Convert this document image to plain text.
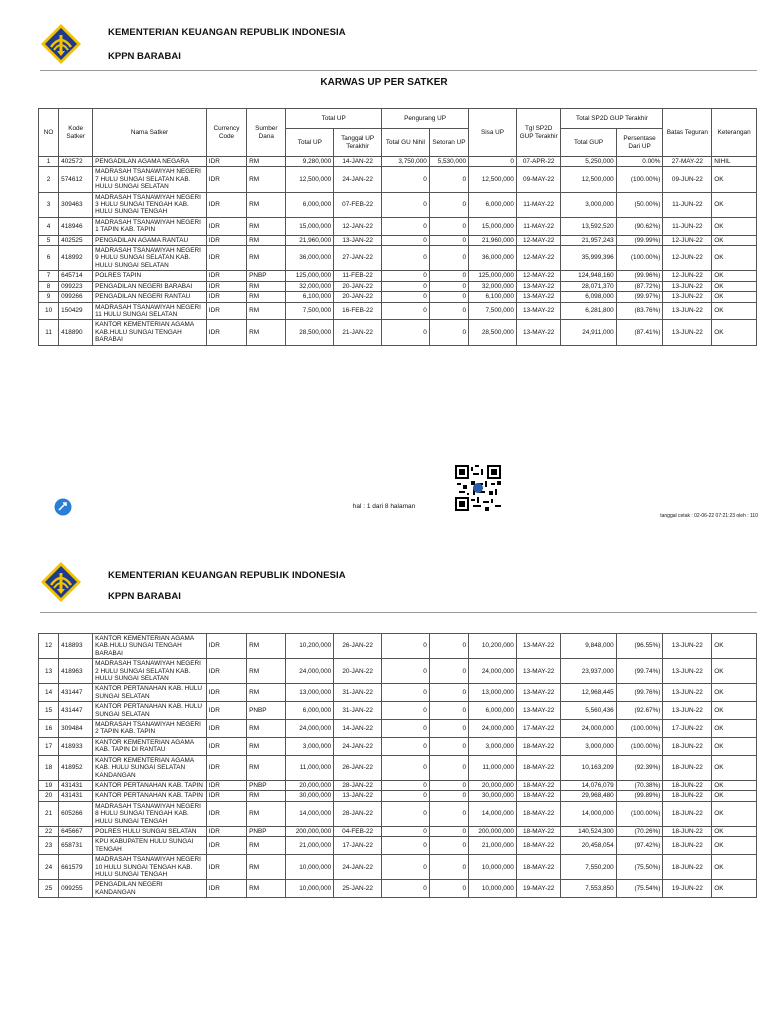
KEMENTERIAN KEUANGAN REPUBLIK INDONESIA
KPPN BARABAI
KARWAS UP PER SATKER
NO	Kode Satker	Nama Satker	Currency Code	Sumber Dana	Total UP		Pengurang UP		Sisa UP	Tgl SP2D GUP Terakhir	Total SP2D GUP Terakhir		Batas Teguran	Keterangan
					Total UP	Tanggal UP Terakhir	Total GU Nihil	Setoran UP			Total GUP	Persentase Dari UP		
1	402572	PENGADILAN AGAMA NEGARA	IDR	RM	9,280,000	14-JAN-22	3,750,000	5,530,000	0	07-APR-22	5,250,000	0.00%	27-MAY-22	NIHIL
2	574612	MADRASAH TSANAWIYAH NEGERI 7 HULU SUNGAI SELATAN KAB. HULU SUNGAI SELATAN	IDR	RM	12,500,000	24-JAN-22	0	0	12,500,000	09-MAY-22	12,500,000	(100.00%)	09-JUN-22	OK
3	309463	MADRASAH TSANAWIYAH NEGERI 3 HULU SUNGAI TENGAH KAB. HULU SUNGAI TENGAH	IDR	RM	6,000,000	07-FEB-22	0	0	6,000,000	11-MAY-22	3,000,000	(50.00%)	11-JUN-22	OK
4	418946	MADRASAH TSANAWIYAH NEGERI 1 TAPIN KAB. TAPIN	IDR	RM	15,000,000	12-JAN-22	0	0	15,000,000	11-MAY-22	13,592,520	(90.62%)	11-JUN-22	OK
5	402525	PENGADILAN AGAMA RANTAU	IDR	RM	21,960,000	13-JAN-22	0	0	21,960,000	12-MAY-22	21,957,243	(99.99%)	12-JUN-22	OK
6	418992	MADRASAH TSANAWIYAH NEGERI 9 HULU SUNGAI SELATAN KAB. HULU SUNGAI SELATAN	IDR	RM	36,000,000	27-JAN-22	0	0	36,000,000	12-MAY-22	35,999,396	(100.00%)	12-JUN-22	OK
7	645714	POLRES TAPIN	IDR	PNBP	125,000,000	11-FEB-22	0	0	125,000,000	12-MAY-22	124,948,160	(99.96%)	12-JUN-22	OK
8	099223	PENGADILAN NEGERI BARABAI	IDR	RM	32,000,000	20-JAN-22	0	0	32,000,000	13-MAY-22	28,071,370	(87.72%)	13-JUN-22	OK
9	099266	PENGADILAN NEGERI RANTAU	IDR	RM	6,100,000	20-JAN-22	0	0	6,100,000	13-MAY-22	6,098,000	(99.97%)	13-JUN-22	OK
10	150429	MADRASAH TSANAWIYAH NEGERI 11 HULU SUNGAI SELATAN	IDR	RM	7,500,000	16-FEB-22	0	0	7,500,000	13-MAY-22	6,281,800	(83.76%)	13-JUN-22	OK
11	418890	KANTOR KEMENTERIAN AGAMA KAB.HULU SUNGAI TENGAH BARABAI	IDR	RM	28,500,000	21-JAN-22	0	0	28,500,000	13-MAY-22	24,911,000	(87.41%)	13-JUN-22	OK
hal : 1 dari 8 halaman
tanggal cetak : 02-06-22 07:21:23 oleh : 110
KEMENTERIAN KEUANGAN REPUBLIK INDONESIA
KPPN BARABAI
12	418893	KANTOR KEMENTERIAN AGAMA KAB.HULU SUNGAI TENGAH BARABAI	IDR	RM	10,200,000	26-JAN-22	0	0	10,200,000	13-MAY-22	9,848,000	(96.55%)	13-JUN-22	OK
13	418963	MADRASAH TSANAWIYAH NEGERI 2 HULU SUNGAI SELATAN KAB. HULU SUNGAI SELATAN	IDR	RM	24,000,000	20-JAN-22	0	0	24,000,000	13-MAY-22	23,937,000	(99.74%)	13-JUN-22	OK
14	431447	KANTOR PERTANAHAN KAB. HULU SUNGAI SELATAN	IDR	RM	13,000,000	31-JAN-22	0	0	13,000,000	13-MAY-22	12,968,445	(99.76%)	13-JUN-22	OK
15	431447	KANTOR PERTANAHAN KAB. HULU SUNGAI SELATAN	IDR	PNBP	6,000,000	31-JAN-22	0	0	6,000,000	13-MAY-22	5,560,436	(92.67%)	13-JUN-22	OK
16	309484	MADRASAH TSANAWIYAH NEGERI 2 TAPIN KAB. TAPIN	IDR	RM	24,000,000	14-JAN-22	0	0	24,000,000	17-MAY-22	24,000,000	(100.00%)	17-JUN-22	OK
17	418933	KANTOR KEMENTERIAN AGAMA KAB. TAPIN DI RANTAU	IDR	RM	3,000,000	24-JAN-22	0	0	3,000,000	18-MAY-22	3,000,000	(100.00%)	18-JUN-22	OK
18	418952	KANTOR KEMENTERIAN AGAMA KAB. HULU SUNGAI SELATAN KANDANGAN	IDR	RM	11,000,000	26-JAN-22	0	0	11,000,000	18-MAY-22	10,163,209	(92.39%)	18-JUN-22	OK
19	431431	KANTOR PERTANAHAN KAB. TAPIN	IDR	PNBP	20,000,000	28-JAN-22	0	0	20,000,000	18-MAY-22	14,076,079	(70.38%)	18-JUN-22	OK
20	431431	KANTOR PERTANAHAN KAB. TAPIN	IDR	RM	30,000,000	13-JAN-22	0	0	30,000,000	18-MAY-22	29,968,480	(99.89%)	18-JUN-22	OK
21	605266	MADRASAH TSANAWIYAH NEGERI 8 HULU SUNGAI TENGAH KAB. HULU SUNGAI TENGAH	IDR	RM	14,000,000	28-JAN-22	0	0	14,000,000	18-MAY-22	14,000,000	(100.00%)	18-JUN-22	OK
22	645667	POLRES HULU SUNGAI SELATAN	IDR	PNBP	200,000,000	04-FEB-22	0	0	200,000,000	18-MAY-22	140,524,300	(70.26%)	18-JUN-22	OK
23	658731	KPU KABUPATEN HULU SUNGAI TENGAH	IDR	RM	21,000,000	17-JAN-22	0	0	21,000,000	18-MAY-22	20,458,054	(97.42%)	18-JUN-22	OK
24	661579	MADRASAH TSANAWIYAH NEGERI 10 HULU SUNGAI TENGAH KAB. HULU SUNGAI TENGAH	IDR	RM	10,000,000	24-JAN-22	0	0	10,000,000	18-MAY-22	7,550,200	(75.50%)	18-JUN-22	OK
25	099255	PENGADILAN NEGERI KANDANGAN	IDR	RM	10,000,000	25-JAN-22	0	0	10,000,000	19-MAY-22	7,553,850	(75.54%)	19-JUN-22	OK
